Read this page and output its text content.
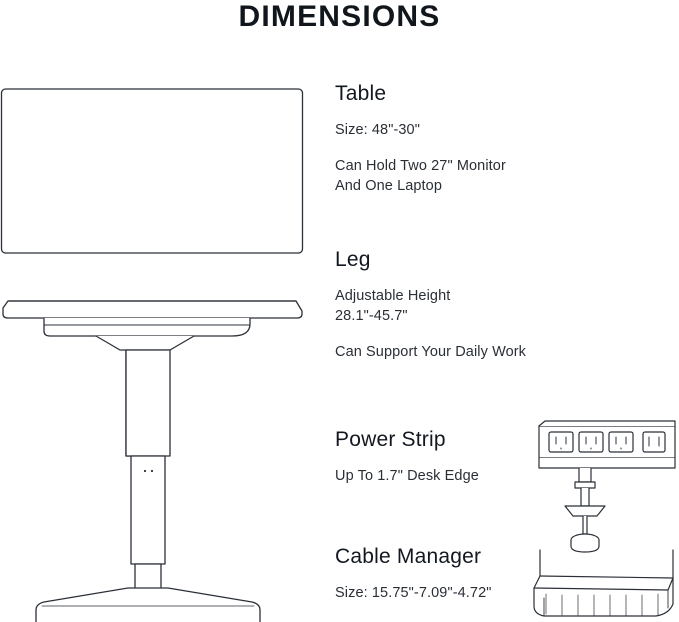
DIMENSIONS
Table

Size: 48"-30"

Can Hold Two 27" Monitor
And One Laptop

Leg

Adjustable Height
28.1"-45.7"

Can Support Your Daily Work

Power Strip

Up To 1.7" Desk Edge

Cable Manager

Size: 15.75"-7.09"-4.72"
